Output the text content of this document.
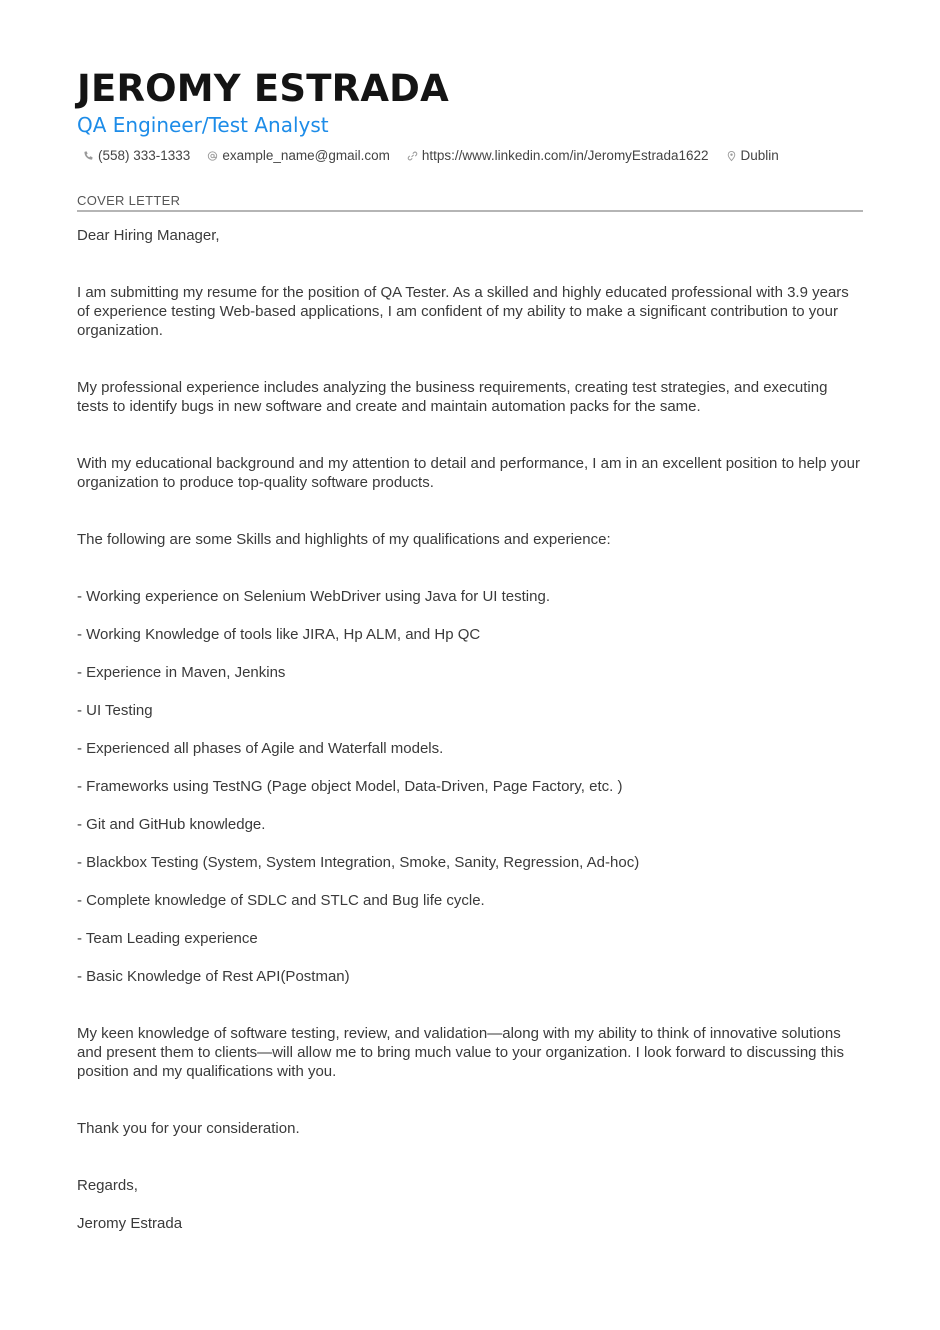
JEROMY ESTRADA
QA Engineer/Test Analyst
(558) 333-1333 example_name@gmail.com https://www.linkedin.com/in/JeromyEstrada1622 Dublin
COVER LETTER

Dear Hiring Manager,

I am submitting my resume for the position of QA Tester. As a skilled and highly educated professional with 3.9 years of experience testing Web-based applications, I am confident of my ability to make a significant contribution to your organization.

My professional experience includes analyzing the business requirements, creating test strategies, and executing tests to identify bugs in new software and create and maintain automation packs for the same.

With my educational background and my attention to detail and performance, I am in an excellent position to help your organization to produce top-quality software products.

The following are some Skills and highlights of my qualifications and experience:

- Working experience on Selenium WebDriver using Java for UI testing.

- Working Knowledge of tools like JIRA, Hp ALM, and Hp QC

- Experience in Maven, Jenkins

- UI Testing

- Experienced all phases of Agile and Waterfall models.

- Frameworks using TestNG (Page object Model, Data-Driven, Page Factory, etc. )

- Git and GitHub knowledge.

- Blackbox Testing (System, System Integration, Smoke, Sanity, Regression, Ad-hoc)

- Complete knowledge of SDLC and STLC and Bug life cycle.

- Team Leading experience

- Basic Knowledge of Rest API(Postman)

My keen knowledge of software testing, review, and validation—along with my ability to think of innovative solutions and present them to clients—will allow me to bring much value to your organization. I look forward to discussing this position and my qualifications with you.

Thank you for your consideration.

Regards,

Jeromy Estrada
